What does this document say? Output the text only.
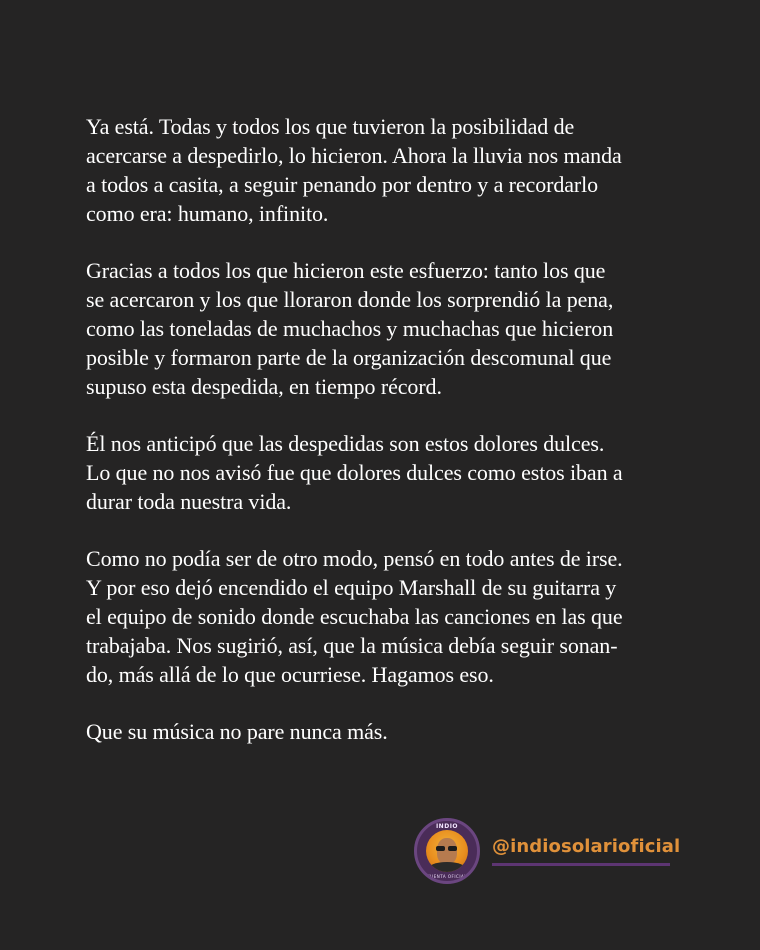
Ya está. Todas y todos los que tuvieron la posibilidad de
acercarse a despedirlo, lo hicieron. Ahora la lluvia nos manda
a todos a casita, a seguir penando por dentro y a recordarlo
como era: humano, infinito.

Gracias a todos los que hicieron este esfuerzo: tanto los que
se acercaron y los que lloraron donde los sorprendió la pena,
como las toneladas de muchachos y muchachas que hicieron
posible y formaron parte de la organización descomunal que
supuso esta despedida, en tiempo récord.

Él nos anticipó que las despedidas son estos dolores dulces.
Lo que no nos avisó fue que dolores dulces como estos iban a
durar toda nuestra vida.

Como no podía ser de otro modo, pensó en todo antes de irse.
Y por eso dejó encendido el equipo Marshall de su guitarra y
el equipo de sonido donde escuchaba las canciones en las que
trabajaba. Nos sugirió, así, que la música debía seguir sonan-
do, más allá de lo que ocurriese. Hagamos eso.

Que su música no pare nunca más.

INDIO
CUENTA OFICIAL
@indiosolarioficial
